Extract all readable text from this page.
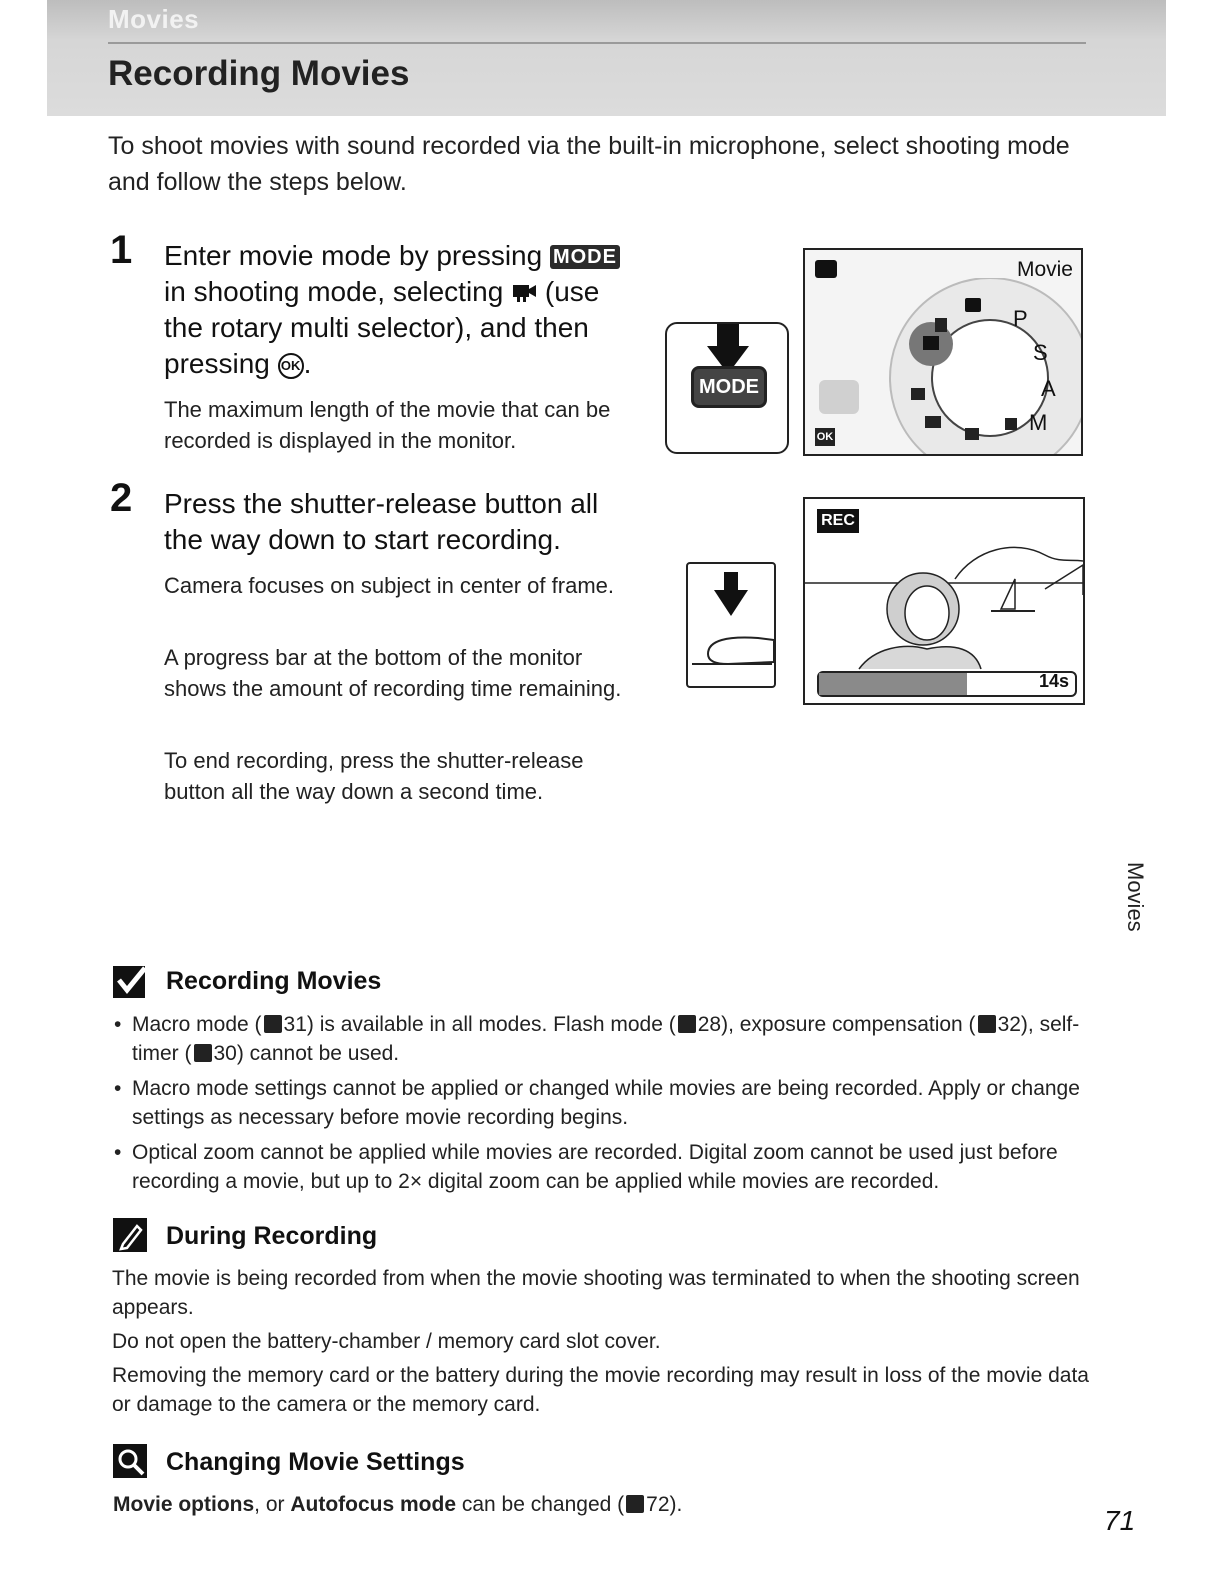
Movies
Recording Movies
To shoot movies with sound recorded via the built-in microphone, select shooting mode and follow the steps below.
1 Enter movie mode by pressing MODE in shooting mode, selecting (use the rotary multi selector), and then pressing OK .
The maximum length of the movie that can be recorded is displayed in the monitor.
MODE
Movie
P
S
A
M
OK
2 Press the shutter-release button all the way down to start recording.
Camera focuses on subject in center of frame.
A progress bar at the bottom of the monitor shows the amount of recording time remaining.
To end recording, press the shutter-release button all the way down a second time.
REC
14s
Movies
Recording Movies
• Macro mode ( 31) is available in all modes. Flash mode ( 28), exposure compensation ( 32), self-timer ( 30) cannot be used.
• Macro mode settings cannot be applied or changed while movies are being recorded. Apply or change settings as necessary before movie recording begins.
• Optical zoom cannot be applied while movies are recorded. Digital zoom cannot be used just before recording a movie, but up to 2× digital zoom can be applied while movies are recorded.
During Recording

The movie is being recorded from when the movie shooting was terminated to when the shooting screen appears.

Do not open the battery-chamber / memory card slot cover.

Removing the memory card or the battery during the movie recording may result in loss of the movie data or damage to the camera or the memory card.

Changing Movie Settings
Movie options, or Autofocus mode can be changed ( 72).
71
